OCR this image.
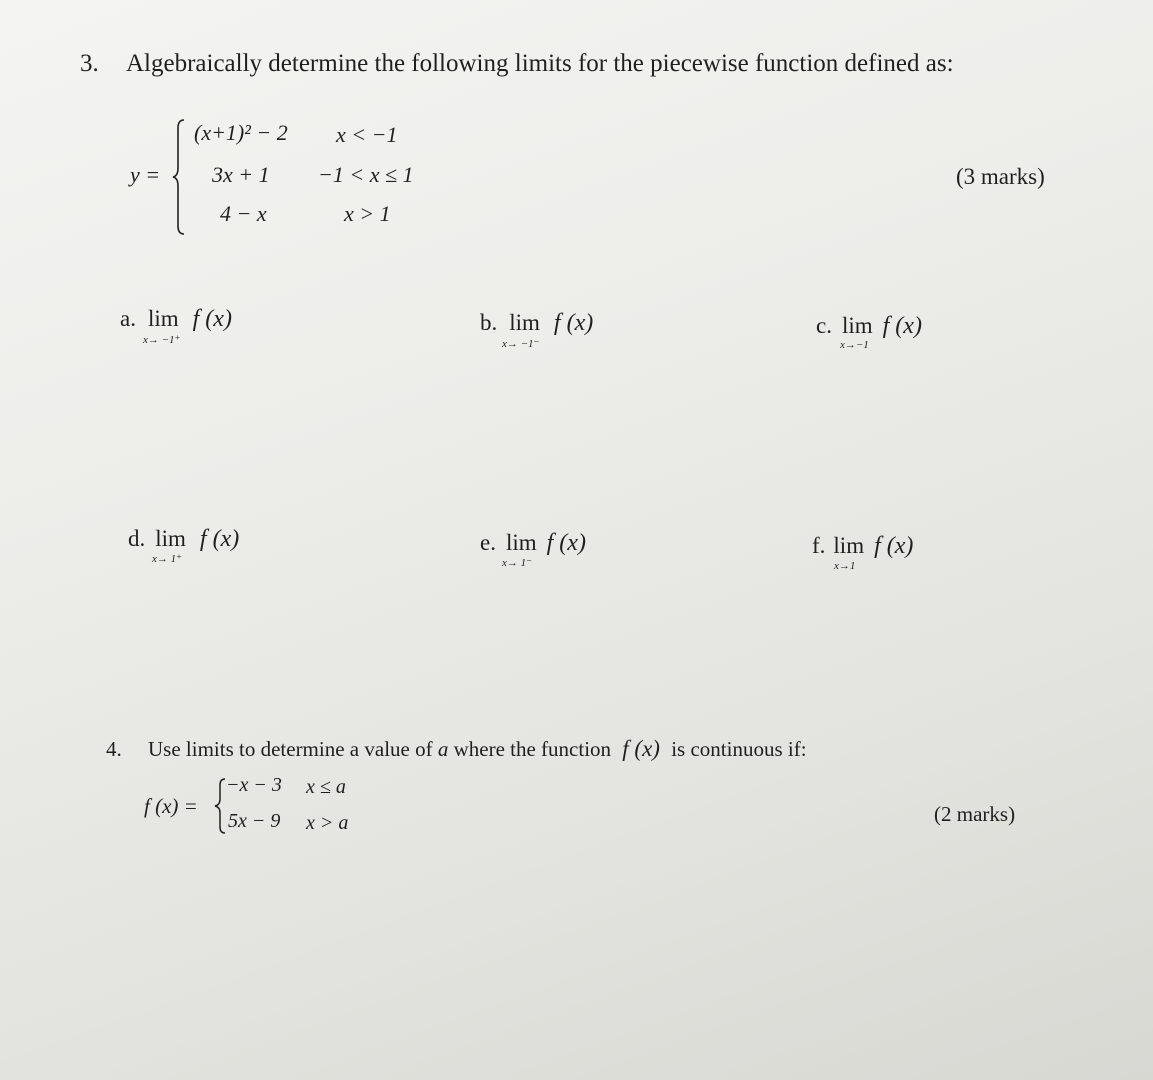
3. Algebraically determine the following limits for the piecewise function defined as:
y =
(x+1)² − 2 x < −1
3x + 1 −1 < x ≤ 1
4 − x	x > 1
(3 marks)
a. lim f (x)
x→ −1⁺
b. lim f (x)
x→ −1⁻
c. lim f (x)
x→−1
d. lim f (x)
x→ 1⁺
e. lim f (x)
x→ 1⁻
f. lim f (x)
x→1
4. Use limits to determine a value of a where the function f (x) is continuous if:
f (x) =
−x − 3 x ≤ a
5x − 9 x > a	(2 marks)
